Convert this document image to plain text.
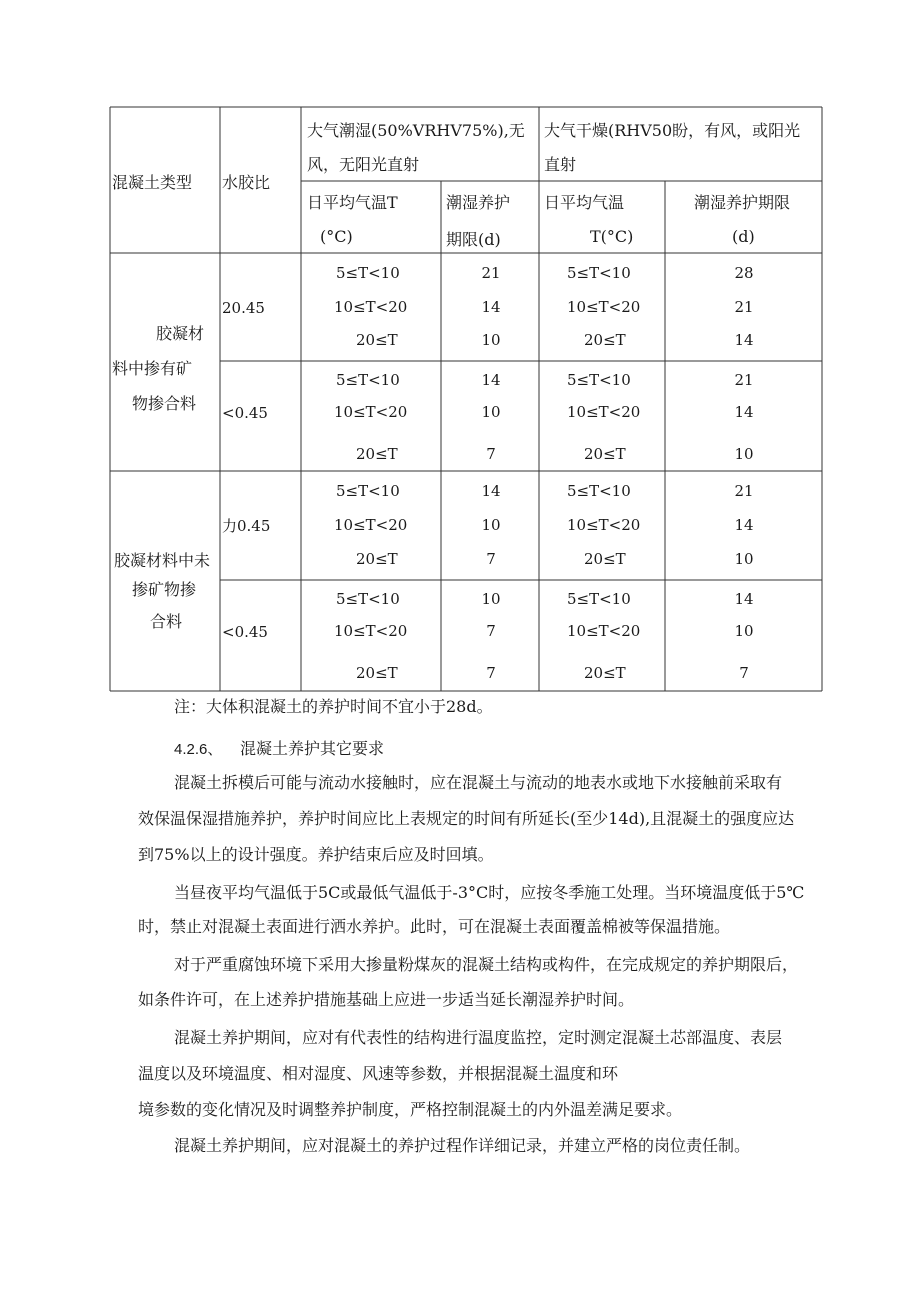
混凝土类型 水胶比
大气潮湿(50%VRHV75%),无
风，无阳光直射
大气干燥(RHV50盼，有风，或阳光
直射
日平均气温T
(°C)
潮湿养护
期限(d)
日平均气温
T(°C)
潮湿养护期限
(d)
胶凝材
料中掺有矿
物掺合料
胶凝材料中未
掺矿物掺
合料
20.45
<0.45
力0.45
<0.45
5≤T<10
10≤T<20
20≤T
21
14
10
5≤T<10
10≤T<20
20≤T
28
21
14
5≤T<10
10≤T<20
20≤T
14
10
7
5≤T<10
10≤T<20
20≤T
21
14
10
5≤T<10
10≤T<20
20≤T
14
10
7
5≤T<10
10≤T<20
20≤T
21
14
10
5≤T<10
10≤T<20
20≤T
10
7
7
5≤T<10
10≤T<20
20≤T
14
10
7
注：大体积混凝土的养护时间不宜小于28d。
4.2.6、 混凝土养护其它要求
混凝土拆模后可能与流动水接触时，应在混凝土与流动的地表水或地下水接触前采取有
效保温保湿措施养护，养护时间应比上表规定的时间有所延长(至少14d),且混凝土的强度应达
到75%以上的设计强度。养护结束后应及时回填。
当昼夜平均气温低于5C或最低气温低于-3°C时，应按冬季施工处理。当环境温度低于5℃
时，禁止对混凝土表面进行洒水养护。此时，可在混凝土表面覆盖棉被等保温措施。
对于严重腐蚀环境下采用大掺量粉煤灰的混凝土结构或构件，在完成规定的养护期限后，
如条件许可，在上述养护措施基础上应进一步适当延长潮湿养护时间。
混凝土养护期间，应对有代表性的结构进行温度监控，定时测定混凝土芯部温度、表层
温度以及环境温度、相对湿度、风速等参数，并根据混凝土温度和环
境参数的变化情况及时调整养护制度，严格控制混凝土的内外温差满足要求。
混凝土养护期间，应对混凝土的养护过程作详细记录，并建立严格的岗位责任制。
